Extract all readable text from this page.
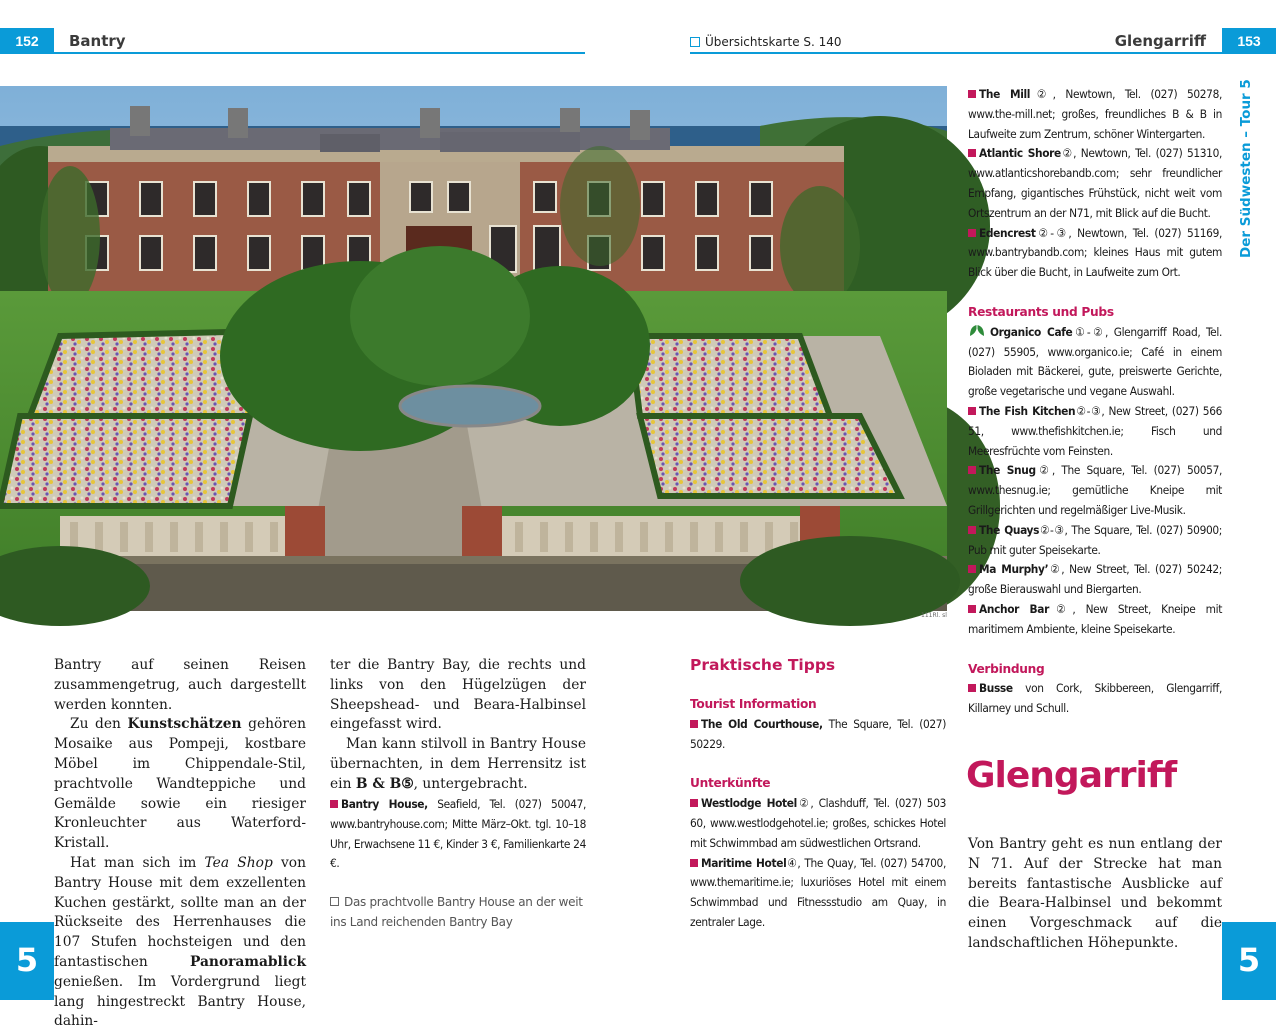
152	Bantry	Übersichtskarte S. 140	Glengarriff	153
Der Südwesten – Tour 5
5	5
111Rl. sl

Bantry auf seinen Reisen zusammengetrug, auch dargestellt werden konnten.

Zu den Kunstschätzen gehören Mosaike aus Pompeji, kostbare Möbel im Chippendale-Stil, prachtvolle Wandteppiche und Gemälde sowie ein riesiger Kronleuchter aus Waterford-Kristall.

Hat man sich im Tea Shop von Bantry House mit dem exzellenten Kuchen gestärkt, sollte man an der Rückseite des Herrenhauses die 107 Stufen hochsteigen und den fantastischen Panoramablick genießen. Im Vordergrund liegt lang hingestreckt Bantry House, dahin-

ter die Bantry Bay, die rechts und links von den Hügelzügen der Sheepshead- und Beara-Halbinsel eingefasst wird.

Man kann stilvoll in Bantry House übernachten, in dem Herrensitz ist ein B & B⑤, untergebracht.

Bantry House, Seafield, Tel. (027) 50047, www.bantryhouse.com; Mitte März–Okt. tgl. 10–18 Uhr, Erwachsene 11 €, Kinder 3 €, Familienkarte 24 €.

Das prachtvolle Bantry House an der weit ins Land reichenden Bantry Bay
Praktische Tipps
Tourist Information

The Old Courthouse, The Square, Tel. (027) 50229.

Unterkünfte

Westlodge Hotel②, Clashduff, Tel. (027) 503 60, www.westlodgehotel.ie; großes, schickes Hotel mit Schwimmbad am südwestlichen Ortsrand.

Maritime Hotel④, The Quay, Tel. (027) 54700, www.themaritime.ie; luxuriöses Hotel mit einem Schwimmbad und Fitnessstudio am Quay, in zentraler Lage.

The Mill②, Newtown, Tel. (027) 50278, www.the-mill.net; großes, freundliches B & B in Laufweite zum Zentrum, schöner Wintergarten.

Atlantic Shore②, Newtown, Tel. (027) 51310, www.atlanticshorebandb.com; sehr freundlicher Empfang, gigantisches Frühstück, nicht weit vom Ortszentrum an der N71, mit Blick auf die Bucht.

Edencrest②-③, Newtown, Tel. (027) 51169, www.bantrybandb.com; kleines Haus mit gutem Blick über die Bucht, in Laufweite zum Ort.

Restaurants und Pubs

Organico Cafe①-②, Glengarriff Road, Tel. (027) 55905, www.organico.ie; Café in einem Bioladen mit Bäckerei, gute, preiswerte Gerichte, große vegetarische und vegane Auswahl.

The Fish Kitchen②-③, New Street, (027) 566 51, www.thefishkitchen.ie; Fisch und Meeresfrüchte vom Feinsten.

The Snug②, The Square, Tel. (027) 50057, www.thesnug.ie; gemütliche Kneipe mit Grillgerichten und regelmäßiger Live-Musik.

The Quays②-③, The Square, Tel. (027) 50900; Pub mit guter Speisekarte.

Ma Murphy’②, New Street, Tel. (027) 50242; große Bierauswahl und Biergarten.

Anchor Bar②, New Street, Kneipe mit maritimem Ambiente, kleine Speisekarte.

Verbindung

Busse von Cork, Skibbereen, Glengarriff, Killarney und Schull.

Glengarriff

Von Bantry geht es nun entlang der N 71. Auf der Strecke hat man bereits fantastische Ausblicke auf die Beara-Halbinsel und bekommt einen Vorgeschmack auf die landschaftlichen Höhepunkte.
